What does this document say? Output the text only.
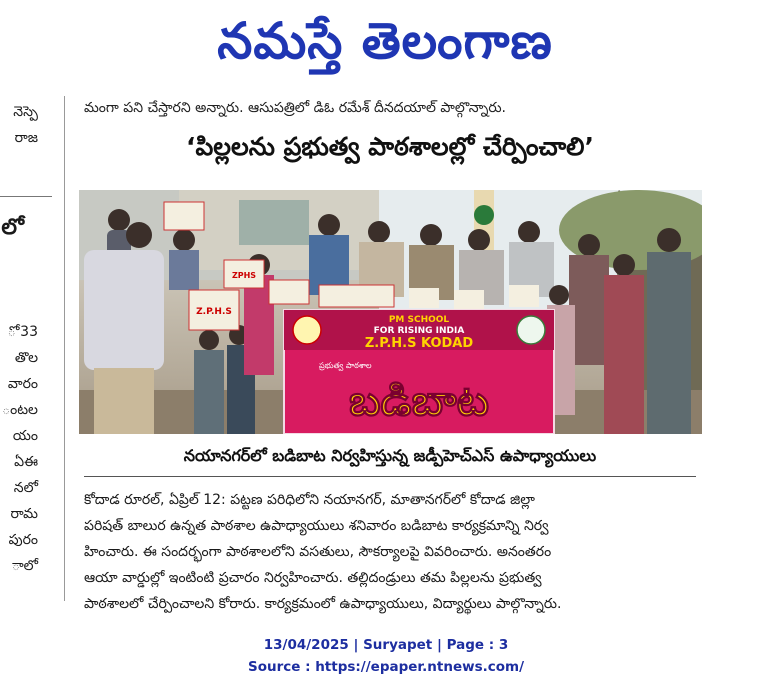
నమస్తే తెలంగాణ
నెస్పె
రాజ
లో
ో 33
తొల
వారం
ంటల
యం
ఏఈ
నలో
రామ
పురం
ాలో
మంగా పని చేస్తారని అన్నారు. ఆసుపత్రిలో డిఓ రమేశ్ దీనదయాల్ పాల్గొన్నారు.
‘పిల్లలను ప్రభుత్వ పాఠశాలల్లో చేర్పించాలి’
Z.P.H.S
ZPHS
PM SCHOOL
FOR RISING INDIA
Z.P.H.S KODAD
ప్రభుత్వ పాఠశాల
బడిబాట
నయానగర్‌లో బడిబాట నిర్వహిస్తున్న జడ్పీహెచ్ఎస్ ఉపాధ్యాయులు
కోదాడ రూరల్, ఏప్రిల్ 12: పట్టణ పరిధిలోని నయానగర్, మాతానగర్‌లో కోదాడ జిల్లా
పరిషత్ బాలుర ఉన్నత పాఠశాల ఉపాధ్యాయులు శనివారం బడిబాట కార్యక్రమాన్ని నిర్వ
హించారు. ఈ సందర్భంగా పాఠశాలలోని వసతులు, సౌకర్యాలపై వివరించారు. అనంతరం
ఆయా వార్డుల్లో ఇంటింటి ప్రచారం నిర్వహించారు. తల్లిదండ్రులు తమ పిల్లలను ప్రభుత్వ
పాఠశాలలో చేర్పించాలని కోరారు. కార్యక్రమంలో ఉపాధ్యాయులు, విద్యార్థులు పాల్గొన్నారు.
13/04/2025 | Suryapet | Page : 3
Source : https://epaper.ntnews.com/
